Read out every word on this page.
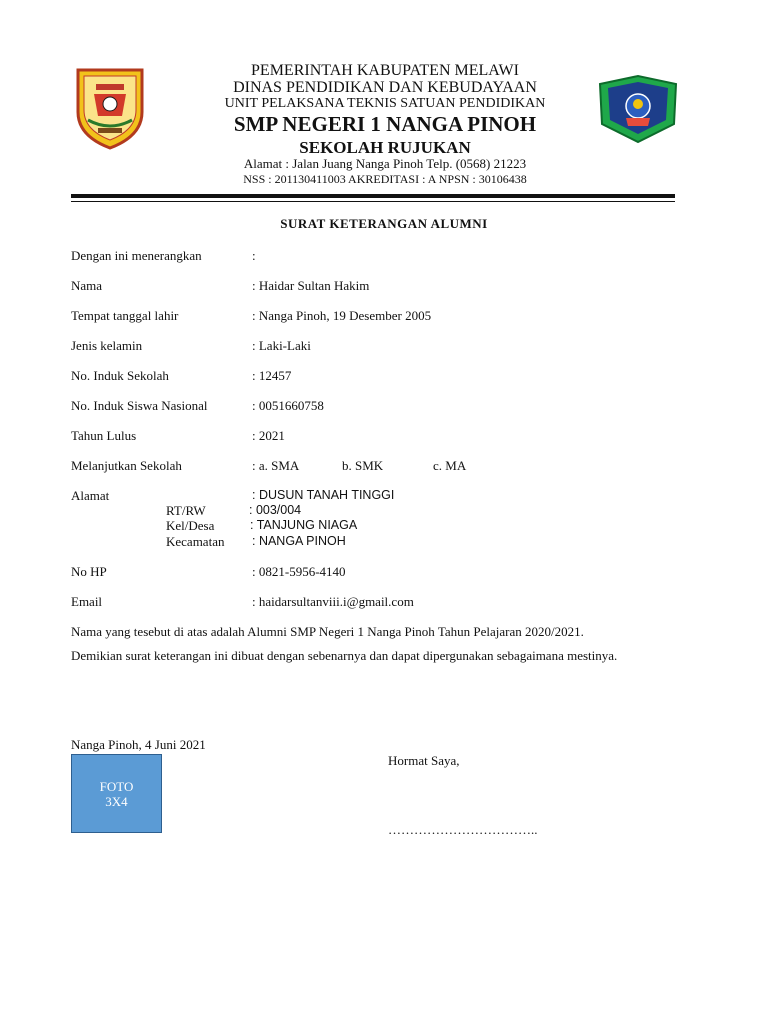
PEMERINTAH KABUPATEN MELAWI
DINAS PENDIDIKAN DAN KEBUDAYAAN
UNIT PELAKSANA TEKNIS SATUAN PENDIDIKAN
SMP NEGERI 1 NANGA PINOH
SEKOLAH RUJUKAN
Alamat : Jalan Juang Nanga Pinoh Telp. (0568) 21223
NSS : 201130411003 AKREDITASI : A NPSN : 30106438
SURAT KETERANGAN ALUMNI
Dengan ini menerangkan	:
Nama	: Haidar Sultan Hakim
Tempat tanggal lahir	: Nanga Pinoh, 19 Desember 2005
Jenis kelamin	: Laki-Laki
No. Induk Sekolah	: 12457
No. Induk Siswa Nasional	: 0051660758
Tahun Lulus	: 2021
Melanjutkan Sekolah	: a. SMA	b. SMK	c. MA
Alamat	: DUSUN TANAH TINGGI
RT/RW	: 003/004
Kel/Desa	: TANJUNG NIAGA
Kecamatan : NANGA PINOH
No HP	: 0821-5956-4140
Email	: haidarsultanviii.i@gmail.com
Nama yang tesebut di atas adalah Alumni SMP Negeri 1 Nanga Pinoh Tahun Pelajaran 2020/2021.
Demikian surat keterangan ini dibuat dengan sebenarnya dan dapat dipergunakan sebagaimana mestinya.
Nanga Pinoh, 4 Juni 2021
FOTO
3X4
Hormat Saya,
……………………………..
